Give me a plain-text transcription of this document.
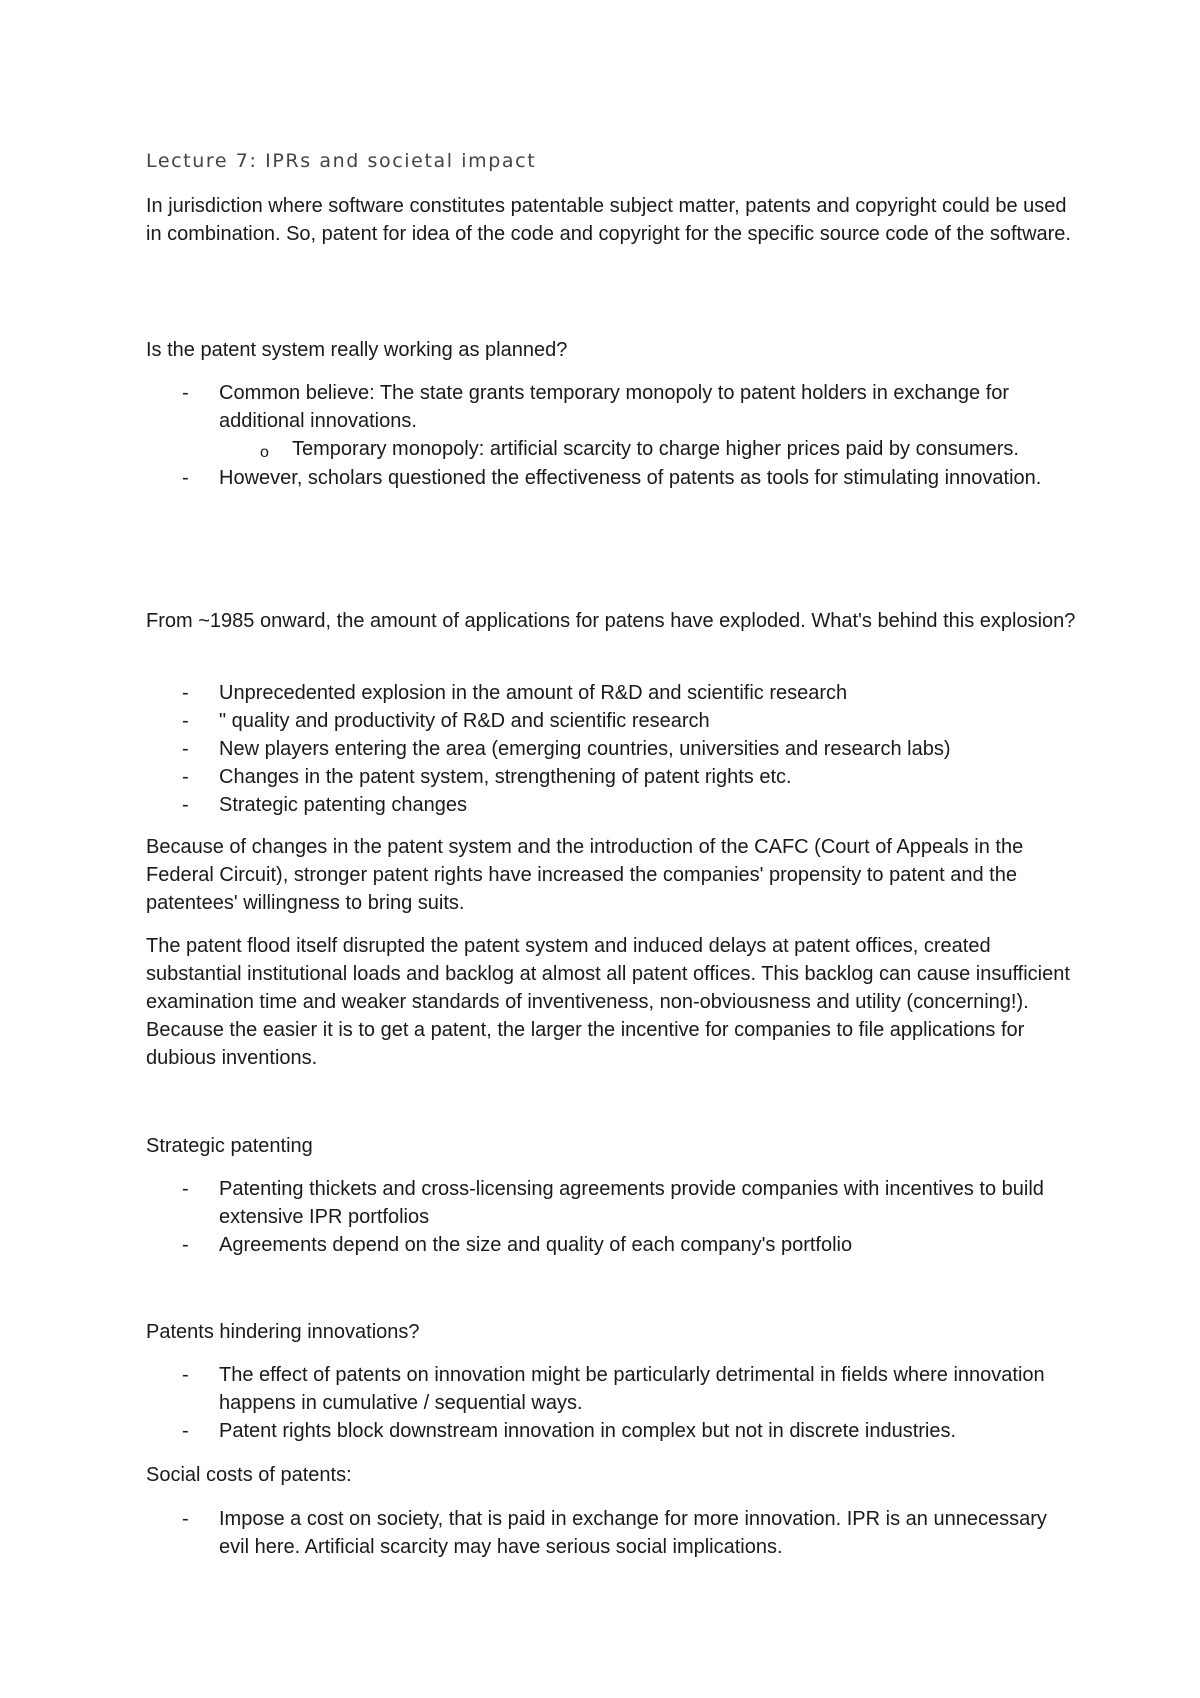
Lecture 7: IPRs and societal impact

In jurisdiction where software constitutes patentable subject matter, patents and copyright could be used in combination. So, patent for idea of the code and copyright for the specific source code of the software.

Is the patent system really working as planned?

- Common believe: The state grants temporary monopoly to patent holders in exchange for additional innovations.
o Temporary monopoly: artificial scarcity to charge higher prices paid by consumers.
- However, scholars questioned the effectiveness of patents as tools for stimulating innovation.

From ~1985 onward, the amount of applications for patens have exploded. What's behind this explosion?

- Unprecedented explosion in the amount of R&D and scientific research
- " quality and productivity of R&D and scientific research
- New players entering the area (emerging countries, universities and research labs)
- Changes in the patent system, strengthening of patent rights etc.
- Strategic patenting changes

Because of changes in the patent system and the introduction of the CAFC (Court of Appeals in the Federal Circuit), stronger patent rights have increased the companies' propensity to patent and the patentees' willingness to bring suits.

The patent flood itself disrupted the patent system and induced delays at patent offices, created substantial institutional loads and backlog at almost all patent offices. This backlog can cause insufficient examination time and weaker standards of inventiveness, non-obviousness and utility (concerning!). Because the easier it is to get a patent, the larger the incentive for companies to file applications for dubious inventions.

Strategic patenting

- Patenting thickets and cross-licensing agreements provide companies with incentives to build extensive IPR portfolios
- Agreements depend on the size and quality of each company's portfolio

Patents hindering innovations?

- The effect of patents on innovation might be particularly detrimental in fields where innovation happens in cumulative / sequential ways.
- Patent rights block downstream innovation in complex but not in discrete industries.

Social costs of patents:

- Impose a cost on society, that is paid in exchange for more innovation. IPR is an unnecessary evil here. Artificial scarcity may have serious social implications.
